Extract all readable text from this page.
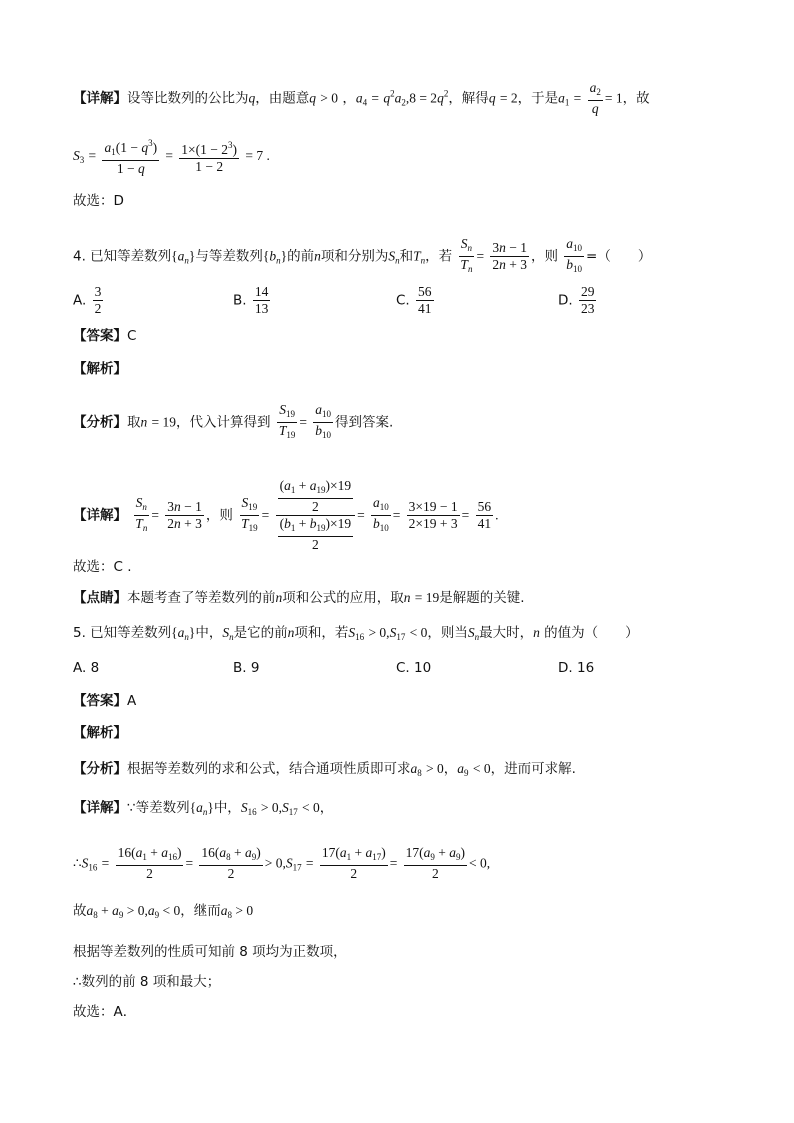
【详解】设等比数列的公比为q，由题意q > 0 ，$a_4 = q^2a_2,8 = 2q^2$，解得q = 2，于是$a_1 = \frac{a_2}{q} = 1$，故
$S_3 = \frac{a_1(1 - q^3)}{1 - q} = \frac{1\times(1 - 2^3)}{1 - 2} = 7$ .
故选：D
4. 已知等差数列$\{a_n\}$与等差数列$\{b_n\}$的前n项和分别为$S_n$和$T_n$，若 $\frac{S_n}{T_n} = \frac{3n - 1}{2n + 3}$ ，则 $\frac{a_{10}}{b_{10}}$ =（　　）
A. $\frac{3}{2}$	B. $\frac{14}{13}$	C. $\frac{56}{41}$	D. $\frac{29}{23}$
【答案】C
【解析】
【分析】取n = 19，代入计算得到 $\frac{S_{19}}{T_{19}} = \frac{a_{10}}{b_{10}}$ 得到答案.
【详解】 $\frac{S_n}{T_n} = \frac{3n - 1}{2n + 3}$ ，则 $\frac{S_{19}}{T_{19}} = \frac{\frac{(a_1 + a_{19})\times 19}{2}}{\frac{(b_1 + b_{19})\times 19}{2}} = \frac{a_{10}}{b_{10}} = \frac{3\times 19 - 1}{2\times 19 + 3} = \frac{56}{41}$ .
故选：C .
【点睛】本题考查了等差数列的前n项和公式的应用，取n = 19是解题的关键.
5. 已知等差数列$\{a_n\}$中，$S_n$是它的前n项和，若$S_{16} > 0,S_{17} < 0$，则当$S_n$最大时，n 的值为（　　）
A. 8	B. 9	C. 10	D. 16
【答案】A
【解析】
【分析】根据等差数列的求和公式，结合通项性质即可求$a_8 > 0$，$a_9 < 0$，进而可求解.
【详解】∵等差数列$\{a_n\}$中，$S_{16} > 0,S_{17} < 0$，
$\therefore S_{16} = \frac{16(a_1 + a_{16})}{2} = \frac{16(a_8 + a_9)}{2} > 0,S_{17} = \frac{17(a_1 + a_{17})}{2} = \frac{17(a_9 + a_9)}{2} < 0$,
故$a_8 + a_9 > 0,a_9 < 0$，继而$a_8 > 0$
根据等差数列的性质可知前 8 项均为正数项，
∴数列的前 8 项和最大；
故选：A．
